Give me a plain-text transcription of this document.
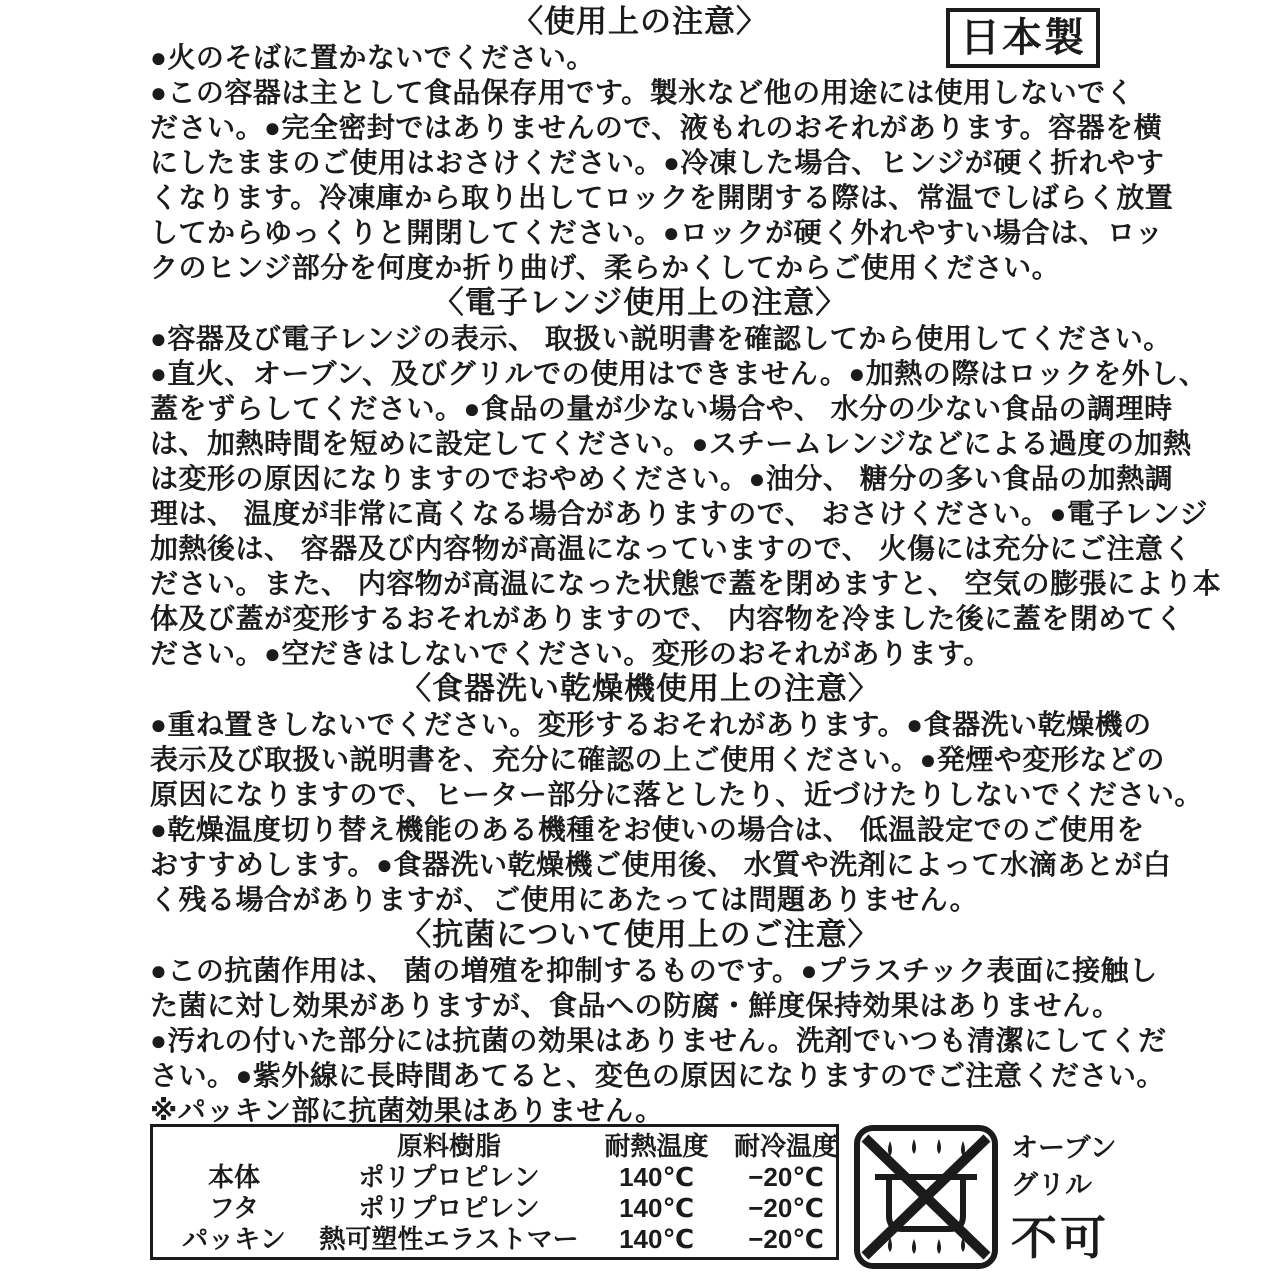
日本製
〈使用上の注意〉
●火のそばに置かないでください。
●この容器は主として食品保存用です。製氷など他の用途には使用しないでく
ださい。●完全密封ではありませんので、液もれのおそれがあります。容器を横
にしたままのご使用はおさけください。●冷凍した場合、ヒンジが硬く折れやす
くなります。冷凍庫から取り出してロックを開閉する際は、常温でしばらく放置
してからゆっくりと開閉してください。●ロックが硬く外れやすい場合は、ロッ
クのヒンジ部分を何度か折り曲げ、柔らかくしてからご使用ください。
〈電子レンジ使用上の注意〉
●容器及び電子レンジの表示、 取扱い説明書を確認してから使用してください。
●直火、オーブン、及びグリルでの使用はできません。●加熱の際はロックを外し、
蓋をずらしてください。●食品の量が少ない場合や、 水分の少ない食品の調理時
は、加熱時間を短めに設定してください。●スチームレンジなどによる過度の加熱
は変形の原因になりますのでおやめください。●油分、 糖分の多い食品の加熱調
理は、 温度が非常に高くなる場合がありますので、 おさけください。●電子レンジ
加熱後は、 容器及び内容物が高温になっていますので、 火傷には充分にご注意く
ださい。また、 内容物が高温になった状態で蓋を閉めますと、 空気の膨張により本
体及び蓋が変形するおそれがありますので、 内容物を冷ました後に蓋を閉めてく
ださい。●空だきはしないでください。変形のおそれがあります。
〈食器洗い乾燥機使用上の注意〉
●重ね置きしないでください。変形するおそれがあります。●食器洗い乾燥機の
表示及び取扱い説明書を、充分に確認の上ご使用ください。●発煙や変形などの
原因になりますので、ヒーター部分に落としたり、近づけたりしないでください。
●乾燥温度切り替え機能のある機種をお使いの場合は、 低温設定でのご使用を
おすすめします。●食器洗い乾燥機ご使用後、 水質や洗剤によって水滴あとが白
く残る場合がありますが、ご使用にあたっては問題ありません。
〈抗菌について使用上のご注意〉
●この抗菌作用は、 菌の増殖を抑制するものです。●プラスチック表面に接触し
た菌に対し効果がありますが、食品への防腐・鮮度保持効果はありません。
●汚れの付いた部分には抗菌の効果はありません。洗剤でいつも清潔にしてくだ
さい。●紫外線に長時間あてると、変色の原因になりますのでご注意ください。
※パッキン部に抗菌効果はありません。
	原料樹脂	耐熱温度	耐冷温度
本体	ポリプロピレン	140℃	−20℃
フタ	ポリプロピレン	140℃	−20℃
パッキン	熱可塑性エラストマー	140℃	−20℃
オーブン
グリル
不可
